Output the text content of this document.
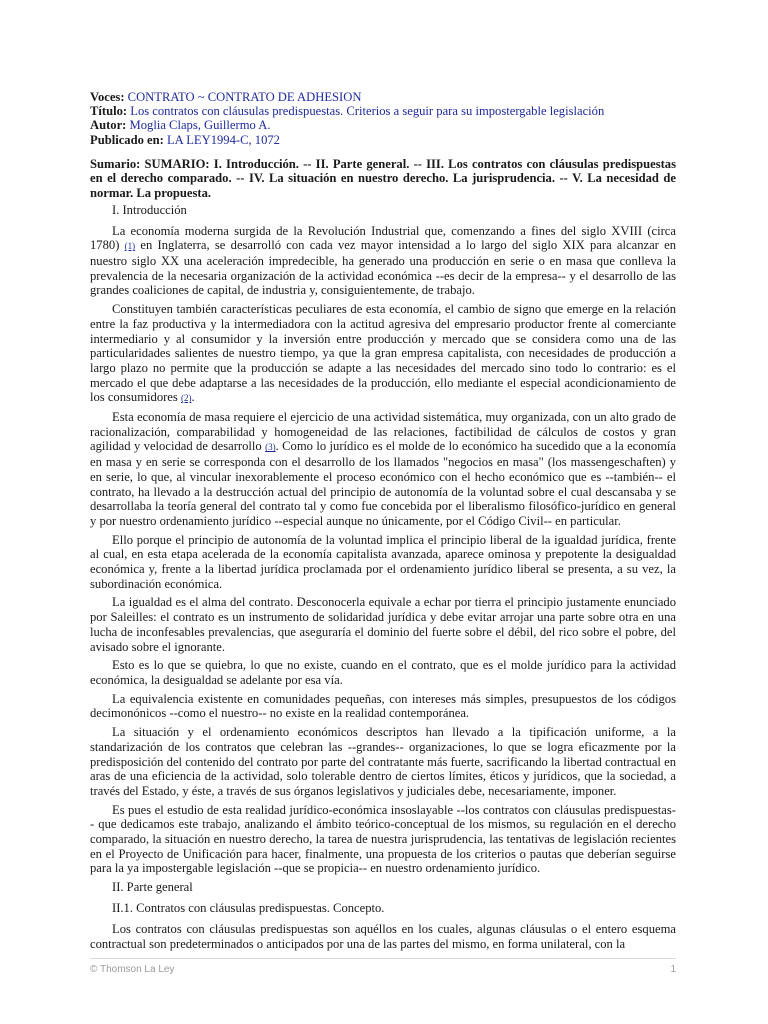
Voces: CONTRATO ~ CONTRATO DE ADHESION
Título: Los contratos con cláusulas predispuestas. Criterios a seguir para su impostergable legislación
Autor: Moglia Claps, Guillermo A.
Publicado en: LA LEY1994-C, 1072
Sumario: SUMARIO: I. Introducción. -- II. Parte general. -- III. Los contratos con cláusulas predispuestas en el derecho comparado. -- IV. La situación en nuestro derecho. La jurisprudencia. -- V. La necesidad de normar. La propuesta.
I. Introducción

La economía moderna surgida de la Revolución Industrial que, comenzando a fines del siglo XVIII (circa 1780) (1) en Inglaterra, se desarrolló con cada vez mayor intensidad a lo largo del siglo XIX para alcanzar en nuestro siglo XX una aceleración impredecible, ha generado una producción en serie o en masa que conlleva la prevalencia de la necesaria organización de la actividad económica --es decir de la empresa-- y el desarrollo de las grandes coaliciones de capital, de industria y, consiguientemente, de trabajo.

Constituyen también características peculiares de esta economía, el cambio de signo que emerge en la relación entre la faz productiva y la intermediadora con la actitud agresiva del empresario productor frente al comerciante intermediario y al consumidor y la inversión entre producción y mercado que se considera como una de las particularidades salientes de nuestro tiempo, ya que la gran empresa capitalista, con necesidades de producción a largo plazo no permite que la producción se adapte a las necesidades del mercado sino todo lo contrario: es el mercado el que debe adaptarse a las necesidades de la producción, ello mediante el especial acondicionamiento de los consumidores (2).

Esta economía de masa requiere el ejercicio de una actividad sistemática, muy organizada, con un alto grado de racionalización, comparabilidad y homogeneidad de las relaciones, factibilidad de cálculos de costos y gran agilidad y velocidad de desarrollo (3). Como lo jurídico es el molde de lo económico ha sucedido que a la economía en masa y en serie se corresponda con el desarrollo de los llamados "negocios en masa" (los massengeschaften) y en serie, lo que, al vincular inexorablemente el proceso económico con el hecho económico que es --también-- el contrato, ha llevado a la destrucción actual del principio de autonomía de la voluntad sobre el cual descansaba y se desarrollaba la teoría general del contrato tal y como fue concebida por el liberalismo filosófico-jurídico en general y por nuestro ordenamiento jurídico --especial aunque no únicamente, por el Código Civil-- en particular.

Ello porque el principio de autonomía de la voluntad implica el principio liberal de la igualdad jurídica, frente al cual, en esta etapa acelerada de la economía capitalista avanzada, aparece ominosa y prepotente la desigualdad económica y, frente a la libertad jurídica proclamada por el ordenamiento jurídico liberal se presenta, a su vez, la subordinación económica.

La igualdad es el alma del contrato. Desconocerla equivale a echar por tierra el principio justamente enunciado por Saleilles: el contrato es un instrumento de solidaridad jurídica y debe evitar arrojar una parte sobre otra en una lucha de inconfesables prevalencias, que aseguraría el dominio del fuerte sobre el débil, del rico sobre el pobre, del avisado sobre el ignorante.

Esto es lo que se quiebra, lo que no existe, cuando en el contrato, que es el molde jurídico para la actividad económica, la desigualdad se adelante por esa vía.

La equivalencia existente en comunidades pequeñas, con intereses más simples, presupuestos de los códigos decimonónicos --como el nuestro-- no existe en la realidad contemporánea.

La situación y el ordenamiento económicos descriptos han llevado a la tipificación uniforme, a la standarización de los contratos que celebran las --grandes-- organizaciones, lo que se logra eficazmente por la predisposición del contenido del contrato por parte del contratante más fuerte, sacrificando la libertad contractual en aras de una eficiencia de la actividad, solo tolerable dentro de ciertos límites, éticos y jurídicos, que la sociedad, a través del Estado, y éste, a través de sus órganos legislativos y judiciales debe, necesariamente, imponer.

Es pues el estudio de esta realidad jurídico-económica insoslayable --los contratos con cláusulas predispuestas-- que dedicamos este trabajo, analizando el ámbito teórico-conceptual de los mismos, su regulación en el derecho comparado, la situación en nuestro derecho, la tarea de nuestra jurisprudencia, las tentativas de legislación recientes en el Proyecto de Unificación para hacer, finalmente, una propuesta de los criterios o pautas que deberían seguirse para la ya impostergable legislación --que se propicia-- en nuestro ordenamiento jurídico.

II. Parte general
II.1. Contratos con cláusulas predispuestas. Concepto.

Los contratos con cláusulas predispuestas son aquéllos en los cuales, algunas cláusulas o el entero esquema contractual son predeterminados o anticipados por una de las partes del mismo, en forma unilateral, con la

© Thomson La Ley	1
